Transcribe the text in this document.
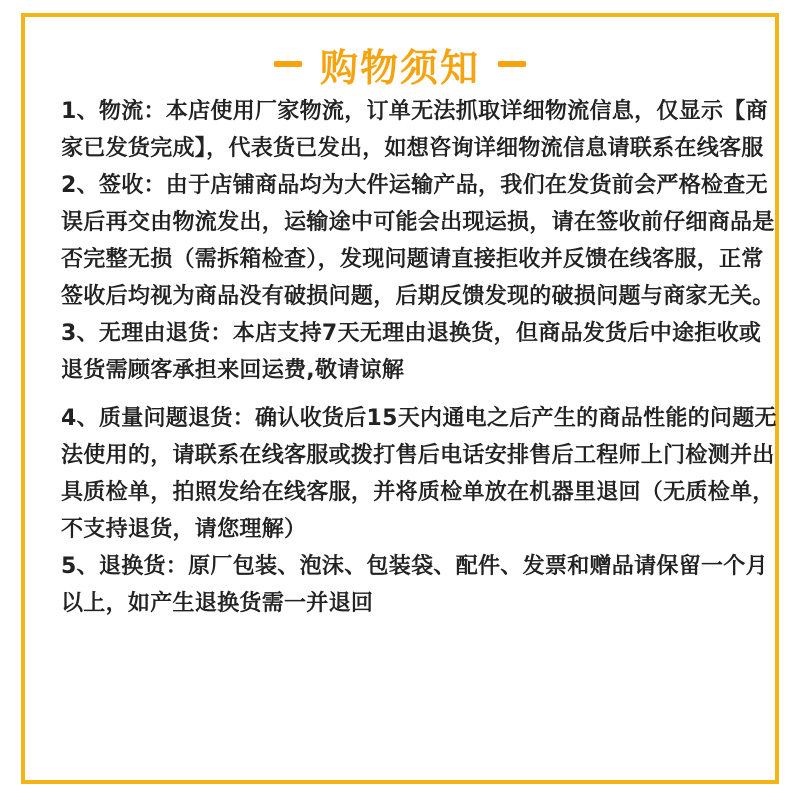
购物须知

1、物流：本店使用厂家物流，订单无法抓取详细物流信息，仅显示【商家已发货完成】，代表货已发出，如想咨询详细物流信息请联系在线客服

2、签收：由于店铺商品均为大件运输产品，我们在发货前会严格检查无误后再交由物流发出，运输途中可能会出现运损，请在签收前仔细商品是否完整无损（需拆箱检查），发现问题请直接拒收并反馈在线客服，正常签收后均视为商品没有破损问题，后期反馈发现的破损问题与商家无关。

3、无理由退货：本店支持7天无理由退换货，但商品发货后中途拒收或退货需顾客承担来回运费,敬请谅解

4、质量问题退货：确认收货后15天内通电之后产生的商品性能的问题无法使用的，请联系在线客服或拨打售后电话安排售后工程师上门检测并出具质检单，拍照发给在线客服，并将质检单放在机器里退回（无质检单，不支持退货，请您理解）

5、退换货：原厂包装、泡沫、包装袋、配件、发票和赠品请保留一个月以上，如产生退换货需一并退回
